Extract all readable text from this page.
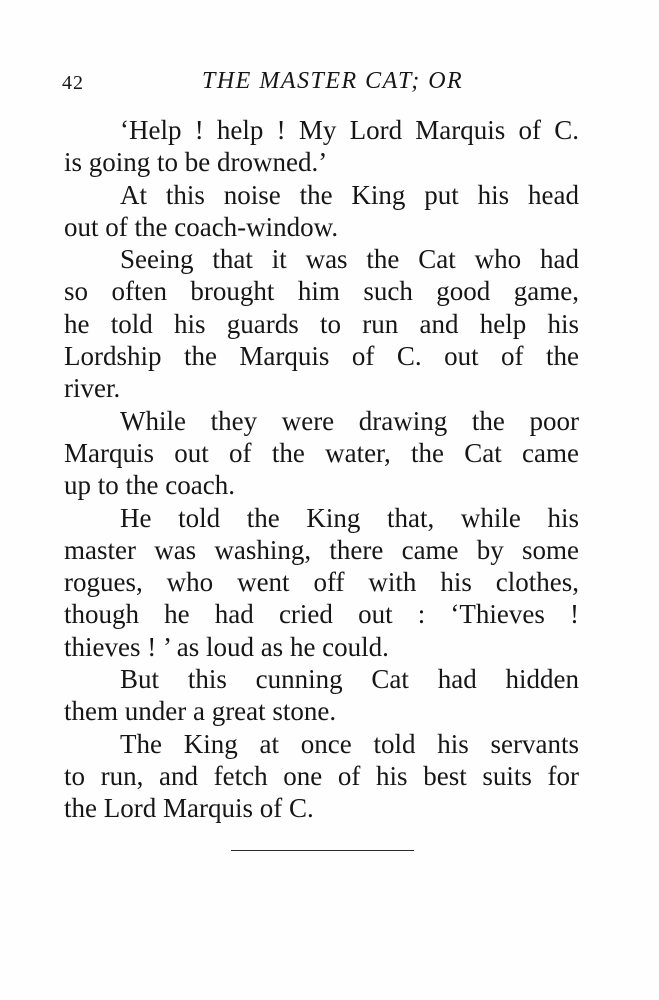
42	THE MASTER CAT; OR
‘Help ! help ! My Lord Marquis of C.
is going to be drowned.’
At this noise the King put his head
out of the coach-window.
Seeing that it was the Cat who had
so often brought him such good game,
he told his guards to run and help his
Lordship the Marquis of C. out of the
river.
While they were drawing the poor
Marquis out of the water, the Cat came
up to the coach.
He told the King that, while his
master was washing, there came by some
rogues, who went off with his clothes,
though he had cried out : ‘Thieves !
thieves ! ’ as loud as he could.
But this cunning Cat had hidden
them under a great stone.
The King at once told his servants
to run, and fetch one of his best suits for
the Lord Marquis of C.
